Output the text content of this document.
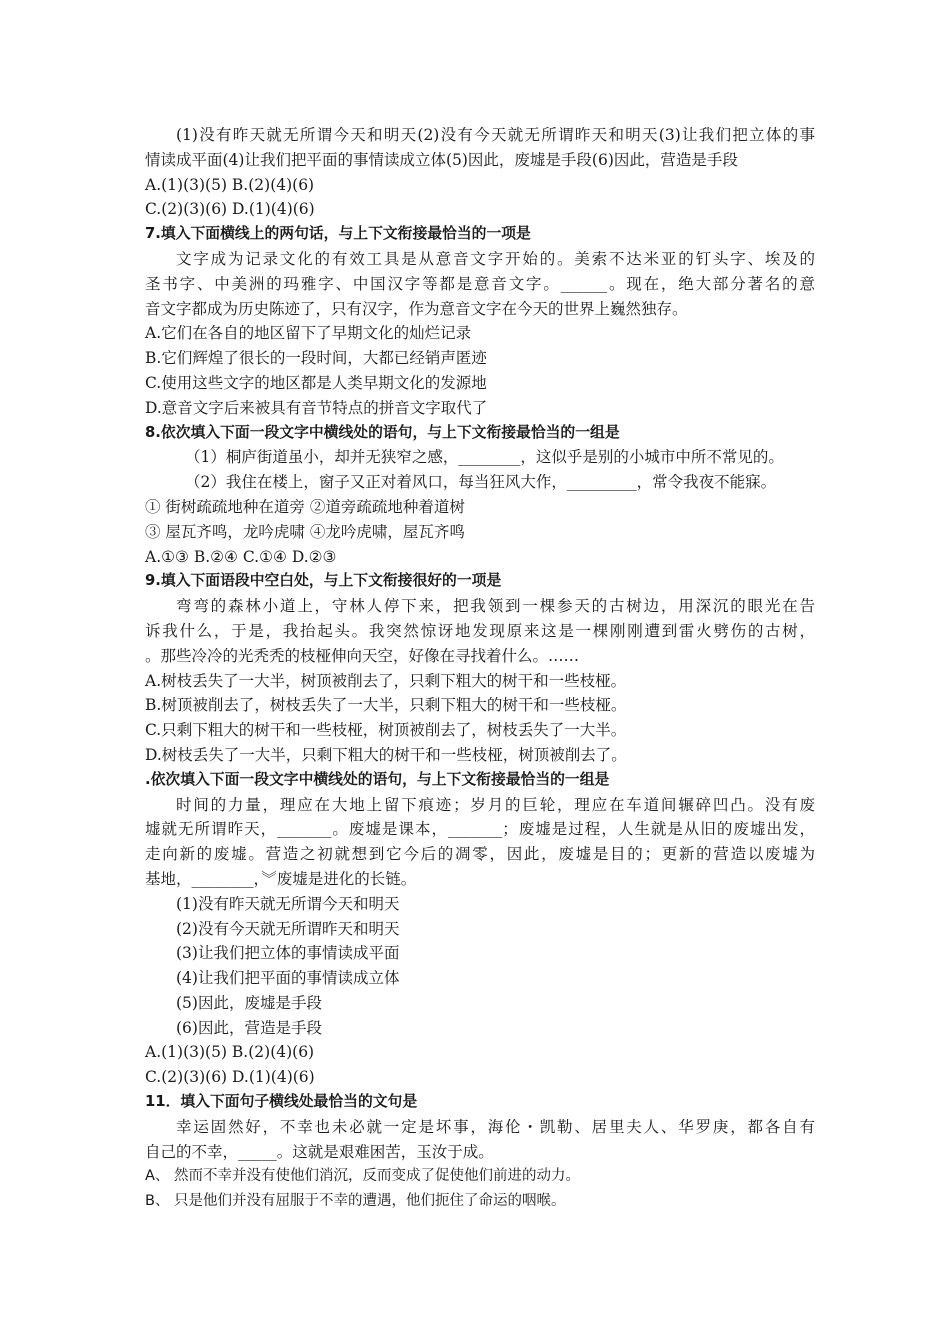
(1)没有昨天就无所谓今天和明天(2)没有今天就无所谓昨天和明天(3)让我们把立体的事
情读成平面(4)让我们把平面的事情读成立体(5)因此，废墟是手段(6)因此，营造是手段
A.(1)(3)(5) B.(2)(4)(6)
C.(2)(3)(6) D.(1)(4)(6)
7.填入下面横线上的两句话，与上下文衔接最恰当的一项是
文字成为记录文化的有效工具是从意音文字开始的。美索不达米亚的钉头字、埃及的
圣书字、中美洲的玛雅字、中国汉字等都是意音文字。______。现在，绝大部分著名的意
音文字都成为历史陈迹了，只有汉字，作为意音文字在今天的世界上巍然独存。
A.它们在各自的地区留下了早期文化的灿烂记录
B.它们辉煌了很长的一段时间，大都已经销声匿迹
C.使用这些文字的地区都是人类早期文化的发源地
D.意音文字后来被具有音节特点的拼音文字取代了
8.依次填入下面一段文字中横线处的语句，与上下文衔接最恰当的一组是
（1）桐庐街道虽小，却并无狭窄之感，________，这似乎是别的小城市中所不常见的。
（2）我住在楼上，窗子又正对着风口，每当狂风大作，_________，常令我夜不能寐。
① 街树疏疏地种在道旁 ②道旁疏疏地种着道树
③ 屋瓦齐鸣，龙吟虎啸 ④龙吟虎啸，屋瓦齐鸣
A.①③ B.②④ C.①④ D.②③
9.填入下面语段中空白处，与上下文衔接很好的一项是
弯弯的森林小道上，守林人停下来，把我领到一棵参天的古树边，用深沉的眼光在告
诉我什么，于是，我抬起头。我突然惊讶地发现原来这是一棵刚刚遭到雷火劈伤的古树，
。那些冷冷的光秃秃的枝桠伸向天空，好像在寻找着什么。……
A.树枝丢失了一大半，树顶被削去了，只剩下粗大的树干和一些枝桠。
B.树顶被削去了，树枝丢失了一大半，只剩下粗大的树干和一些枝桠。
C.只剩下粗大的树干和一些枝桠，树顶被削去了，树枝丢失了一大半。
D.树枝丢失了一大半，只剩下粗大的树干和一些枝桠，树顶被削去了。
.依次填入下面一段文字中横线处的语句，与上下文衔接最恰当的一组是
时间的力量，理应在大地上留下痕迹；岁月的巨轮，理应在车道间辗碎凹凸。没有废
墟就无所谓昨天，_______。废墟是课本，_______；废墟是过程，人生就是从旧的废墟出发，
走向新的废墟。营造之初就想到它今后的凋零，因此，废墟是目的；更新的营造以废墟为
基地，________，︾废墟是进化的长链。
(1)没有昨天就无所谓今天和明天
(2)没有今天就无所谓昨天和明天
(3)让我们把立体的事情读成平面
(4)让我们把平面的事情读成立体
(5)因此，废墟是手段
(6)因此，营造是手段
A.(1)(3)(5) B.(2)(4)(6)
C.(2)(3)(6) D.(1)(4)(6)
11．填入下面句子横线处最恰当的文句是
幸运固然好，不幸也未必就一定是坏事，海伦・凯勒、居里夫人、华罗庚，都各自有
自己的不幸，_____。这就是艰难困苦，玉汝于成。
A、 然而不幸并没有使他们消沉，反而变成了促使他们前进的动力。
B、 只是他们并没有屈服于不幸的遭遇，他们扼住了命运的咽喉。
